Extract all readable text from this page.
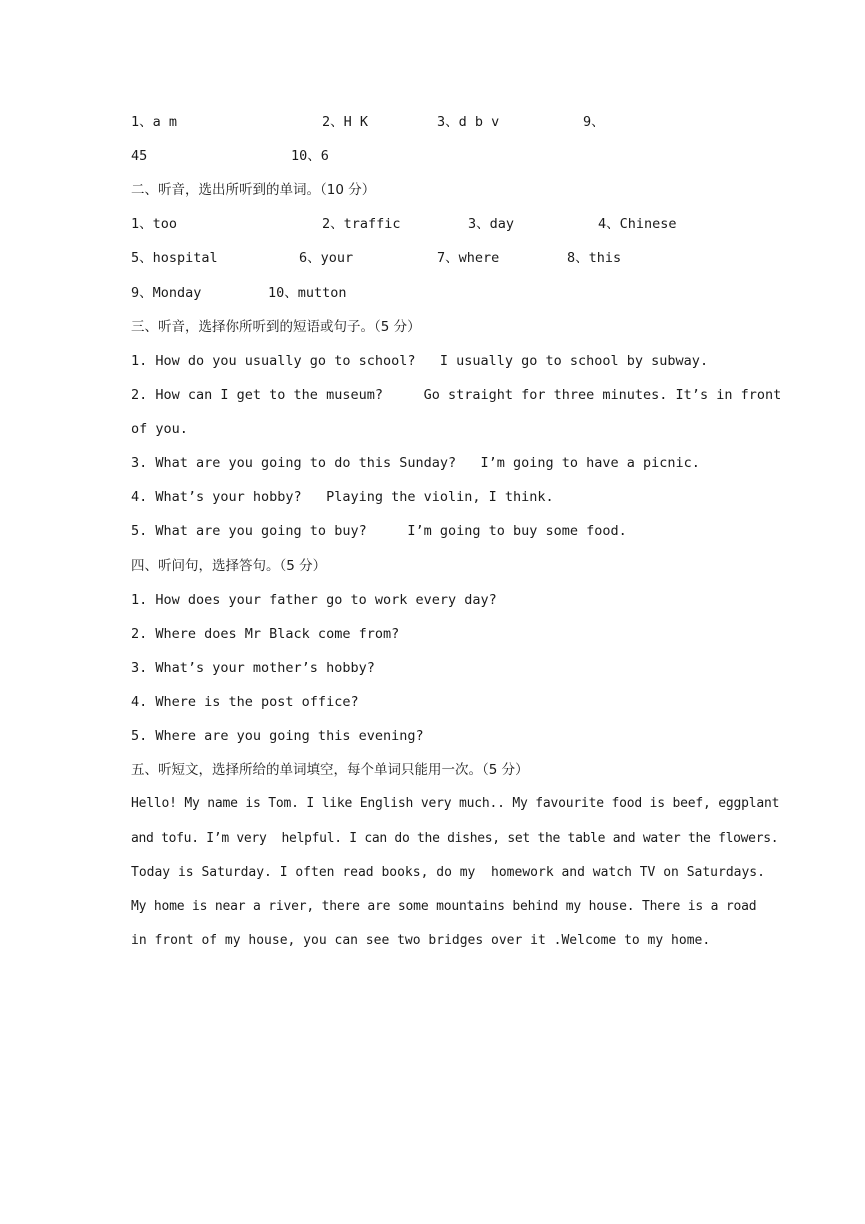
1、a m	2、H K	3、d b v	9、
45	10、6
二、听音，选出所听到的单词。（10 分）
1、too	2、traffic	3、day	4、Chinese
5、hospital	6、your	7、where	8、this
9、Monday	10、mutton
三、听音，选择你所听到的短语或句子。（5 分）
1. How do you usually go to school?   I usually go to school by subway.
2. How can I get to the museum?     Go straight for three minutes. It’s in front
of you.
3. What are you going to do this Sunday?   I’m going to have a picnic.
4. What’s your hobby?   Playing the violin, I think.
5. What are you going to buy?     I’m going to buy some food.
四、听问句，选择答句。（5 分）
1. How does your father go to work every day?
2. Where does Mr Black come from?
3. What’s your mother’s hobby?
4. Where is the post office?
5. Where are you going this evening?
五、听短文，选择所给的单词填空，每个单词只能用一次。（5 分）
Hello! My name is Tom. I like English very much.. My favourite food is beef, eggplant
and tofu. I’m very  helpful. I can do the dishes, set the table and water the flowers.
Today is Saturday. I often read books, do my  homework and watch TV on Saturdays.
My home is near a river, there are some mountains behind my house. There is a road
in front of my house, you can see two bridges over it .Welcome to my home.
